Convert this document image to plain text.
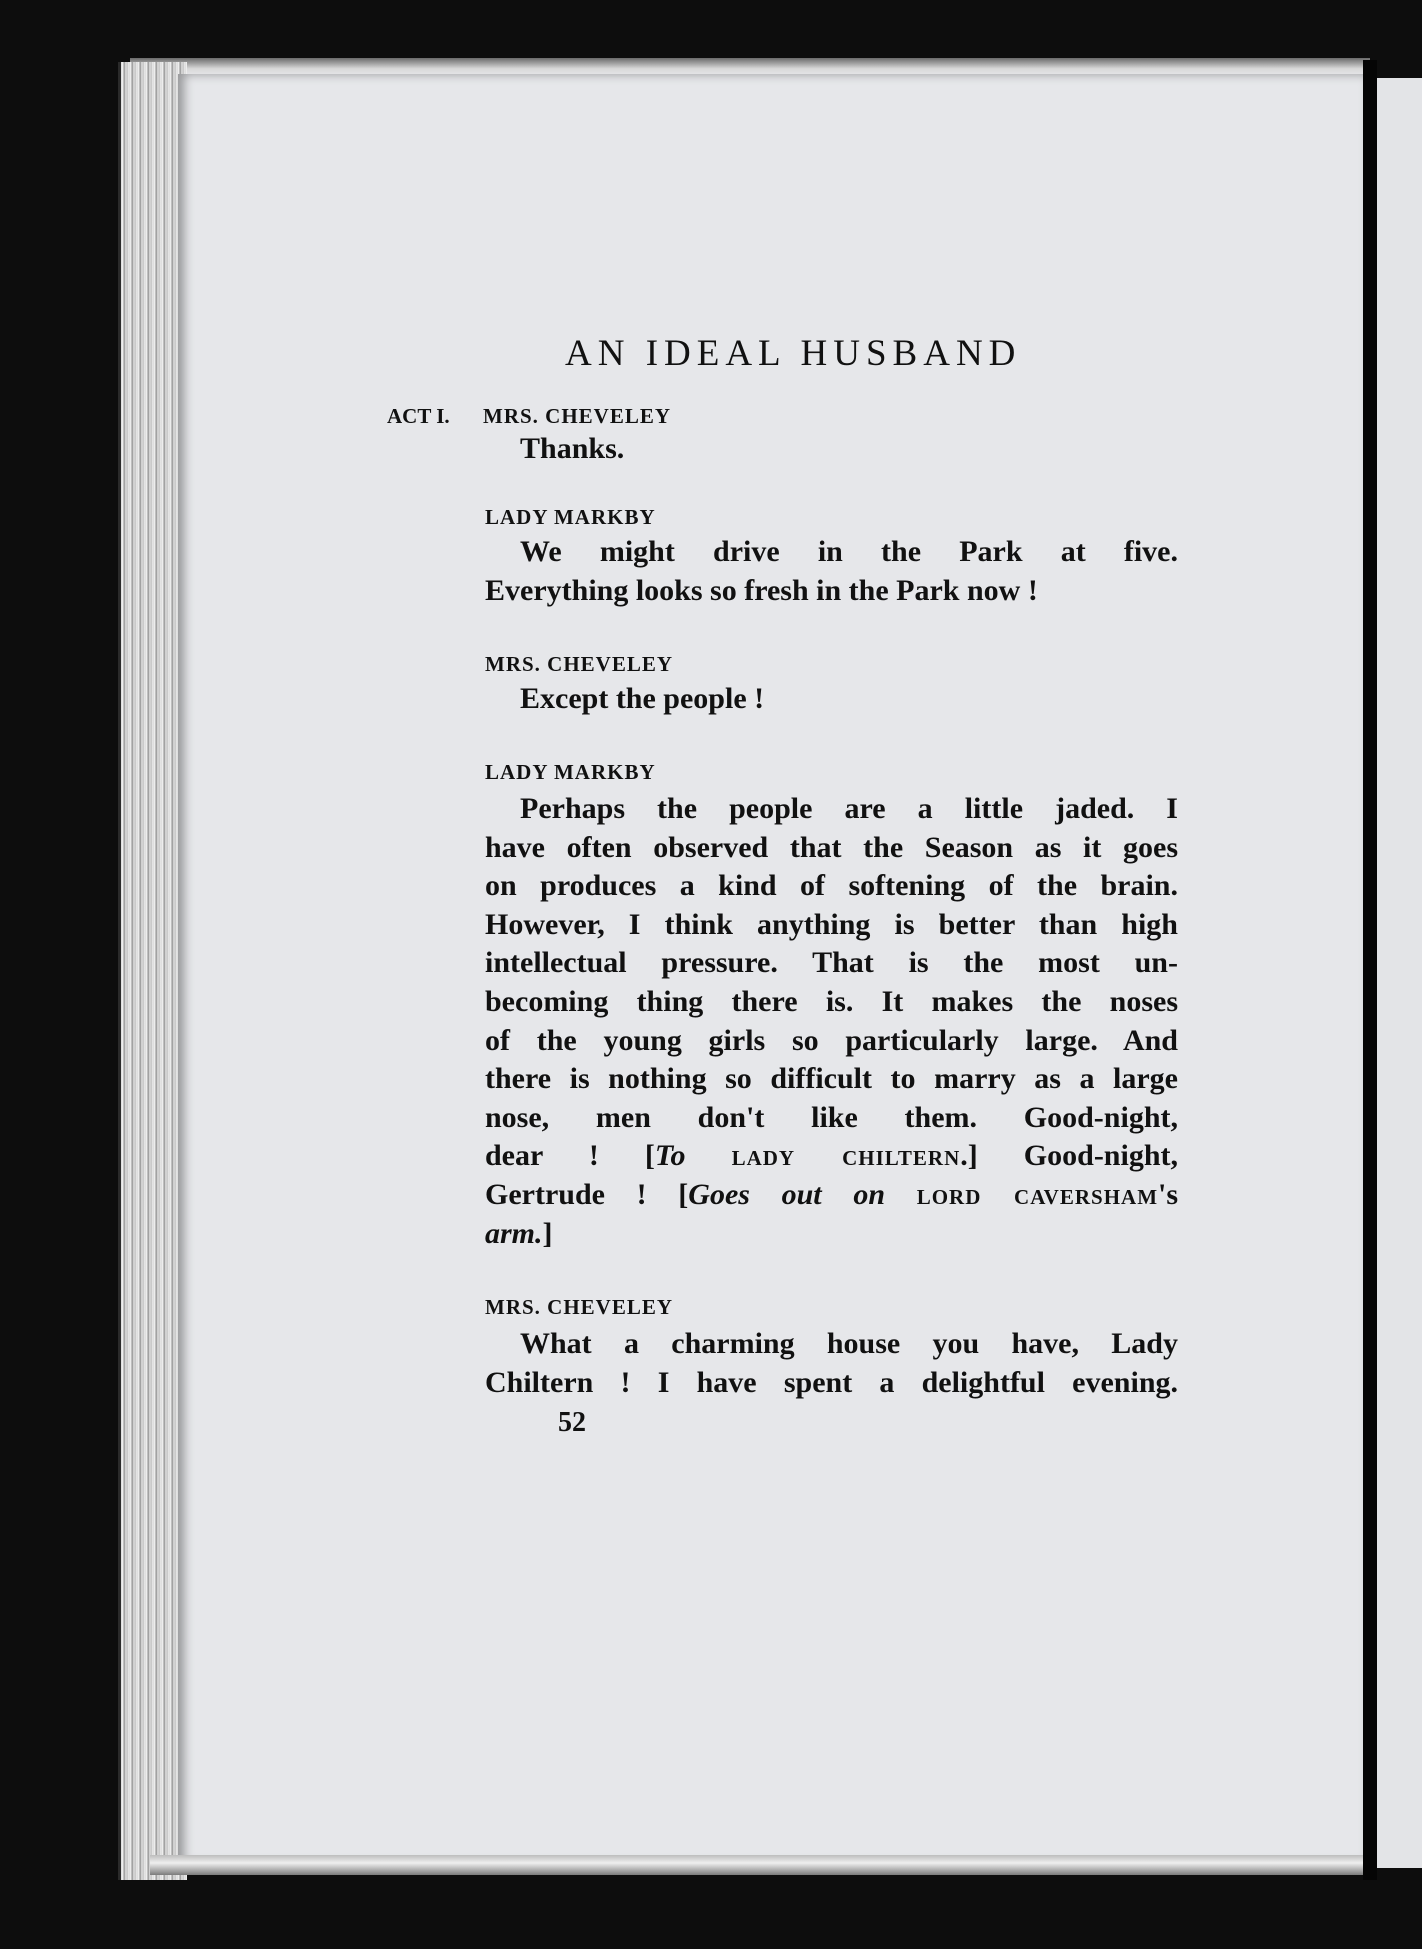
AN IDEAL HUSBAND
ACT I. MRS. CHEVELEY
Thanks.
LADY MARKBY
We might drive in the Park at five.
Everything looks so fresh in the Park now !
MRS. CHEVELEY
Except the people !
LADY MARKBY
Perhaps the people are a little jaded. I
have often observed that the Season as it goes
on produces a kind of softening of the brain.
However, I think anything is better than high
intellectual pressure. That is the most un-
becoming thing there is. It makes the noses
of the young girls so particularly large. And
there is nothing so difficult to marry as a large
nose, men don't like them. Good-night,
dear ! [To lady chiltern.] Good-night,
Gertrude ! [Goes out on lord caversham's
arm.]
MRS. CHEVELEY
What a charming house you have, Lady
Chiltern ! I have spent a delightful evening.
52
